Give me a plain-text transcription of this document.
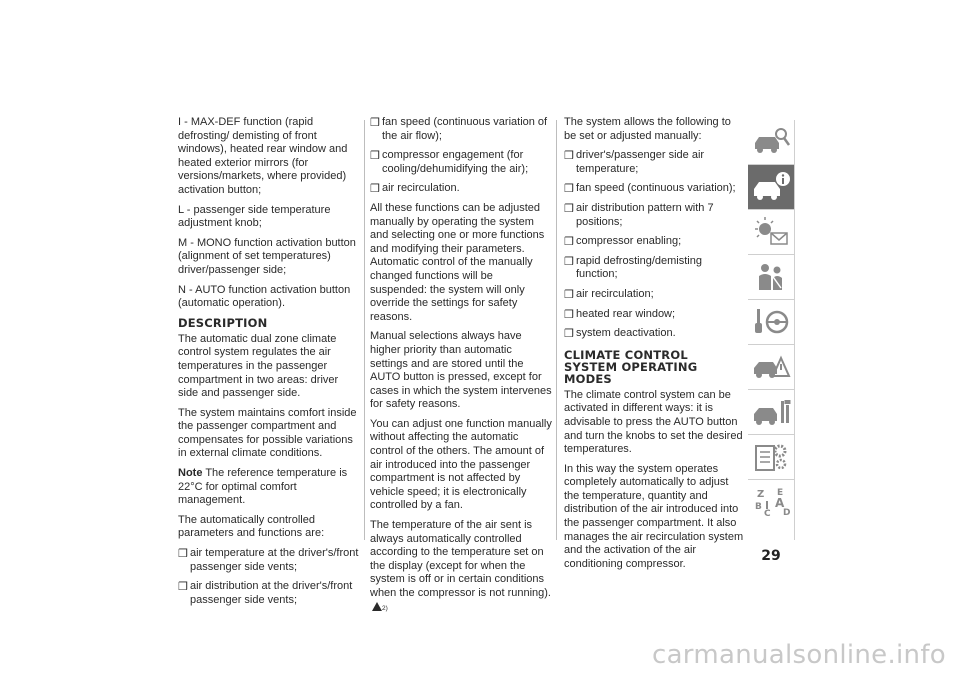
I - MAX-DEF function (rapid defrosting/ demisting of front windows), heated rear window and heated exterior mirrors (for versions/markets, where provided) activation button;

L - passenger side temperature adjustment knob;

M - MONO function activation button (alignment of set temperatures) driver/passenger side;

N - AUTO function activation button (automatic operation).

DESCRIPTION

The automatic dual zone climate control system regulates the air temperatures in the passenger compartment in two areas: driver side and passenger side.

The system maintains comfort inside the passenger compartment and compensates for possible variations in external climate conditions.

Note The reference temperature is 22°C for optimal comfort management.

The automatically controlled parameters and functions are:

❒ air temperature at the driver's/front passenger side vents;
❒ air distribution at the driver's/front passenger side vents;
❒ fan speed (continuous variation of the air flow);
❒ compressor engagement (for cooling/dehumidifying the air);
❒ air recirculation.

All these functions can be adjusted manually by operating the system and selecting one or more functions and modifying their parameters. Automatic control of the manually changed functions will be suspended: the system will only override the settings for safety reasons.

Manual selections always have higher priority than automatic settings and are stored until the AUTO button is pressed, except for cases in which the system intervenes for safety reasons.

You can adjust one function manually without affecting the automatic control of the others. The amount of air introduced into the passenger compartment is not affected by vehicle speed; it is electronically controlled by a fan.

The temperature of the air sent is always automatically controlled according to the temperature set on the display (except for when the system is off or in certain conditions when the compressor is not running).2)

The system allows the following to be set or adjusted manually:

❒ driver's/passenger side air temperature;
❒ fan speed (continuous variation);
❒ air distribution pattern with 7 positions;
❒ compressor enabling;
❒ rapid defrosting/demisting function;
❒ air recirculation;
❒ heated rear window;
❒ system deactivation.
CLIMATE CONTROL SYSTEM OPERATING MODES

The climate control system can be activated in different ways: it is advisable to press the AUTO button and turn the knobs to set the desired temperatures.

In this way the system operates completely automatically to adjust the temperature, quantity and distribution of the air introduced into the passenger compartment. It also manages the air recirculation system and the activation of the air conditioning compressor.

Z E
B A
C D
29
carmanualsonline.info
